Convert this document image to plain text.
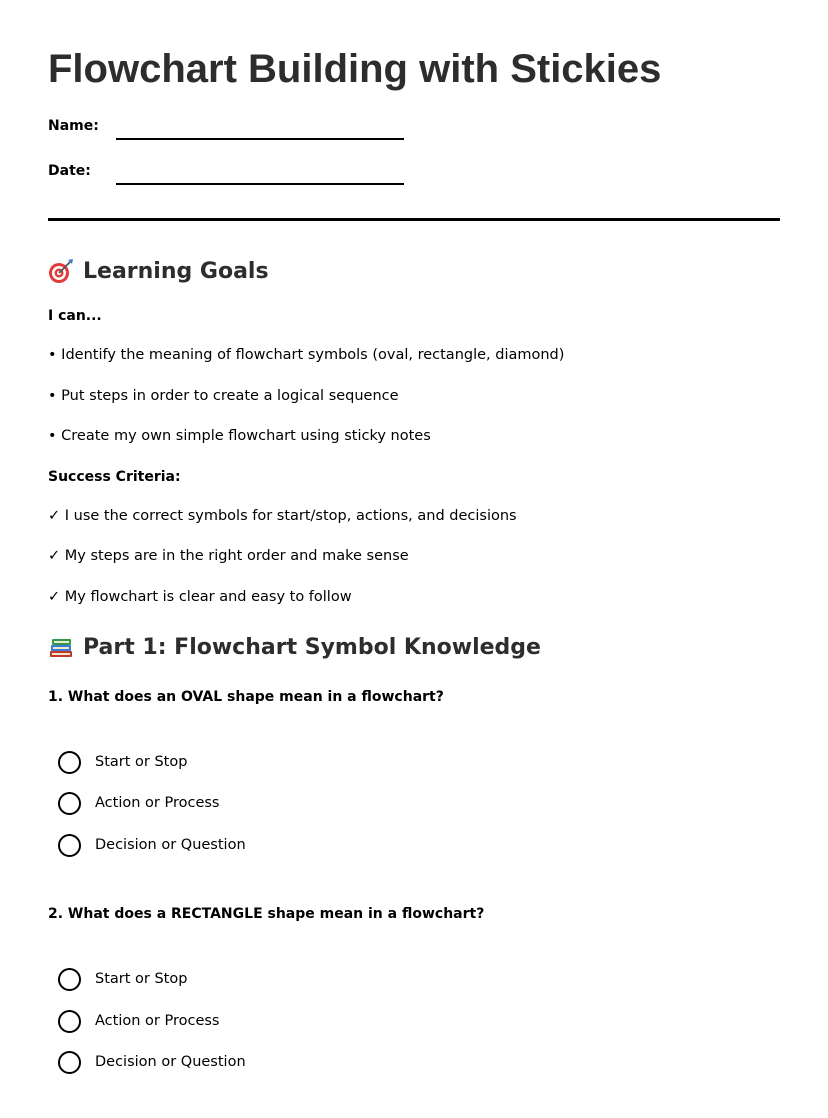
Flowchart Building with Stickies
Name:
Date:
Learning Goals
I can...
• Identify the meaning of flowchart symbols (oval, rectangle, diamond)
• Put steps in order to create a logical sequence
• Create my own simple flowchart using sticky notes
Success Criteria:
✓ I use the correct symbols for start/stop, actions, and decisions
✓ My steps are in the right order and make sense
✓ My flowchart is clear and easy to follow
Part 1: Flowchart Symbol Knowledge
1. What does an OVAL shape mean in a flowchart?
Start or Stop
Action or Process
Decision or Question
2. What does a RECTANGLE shape mean in a flowchart?
Start or Stop
Action or Process
Decision or Question
